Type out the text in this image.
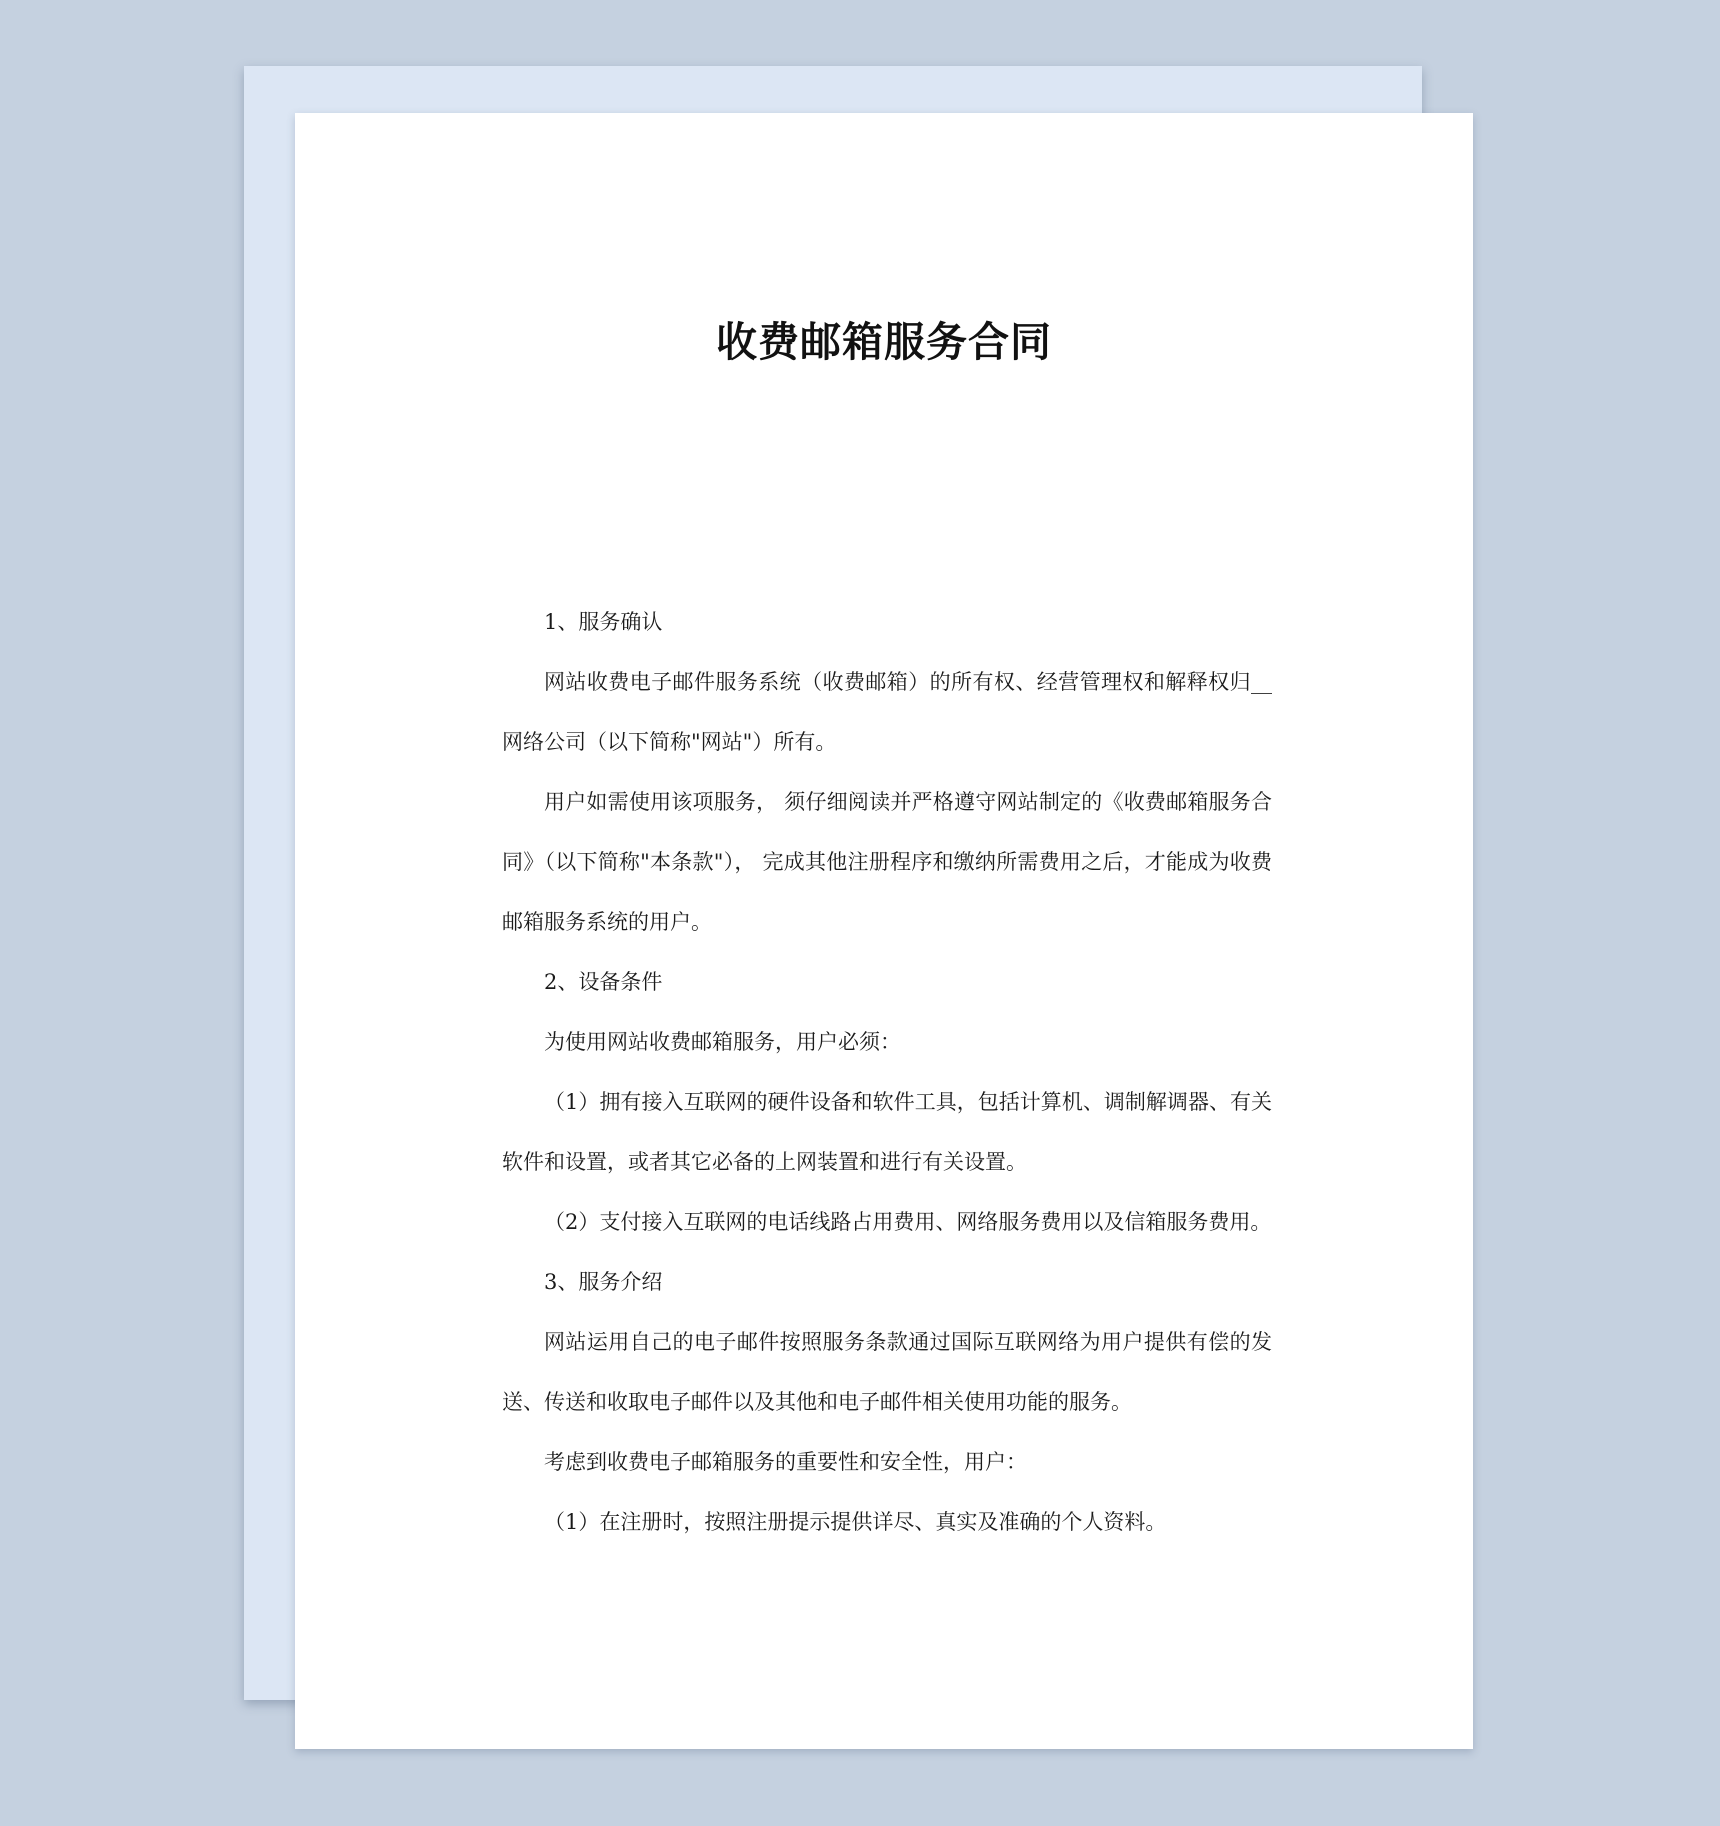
收费邮箱服务合同

1、服务确认

网站收费电子邮件服务系统（收费邮箱）的所有权、经营管理权和解释权归__网络公司（以下简称"网站"）所有。

用户如需使用该项服务， 须仔细阅读并严格遵守网站制定的《收费邮箱服务合同》（以下简称"本条款"）， 完成其他注册程序和缴纳所需费用之后，才能成为收费邮箱服务系统的用户。

2、设备条件

为使用网站收费邮箱服务，用户必须：

（1）拥有接入互联网的硬件设备和软件工具，包括计算机、调制解调器、有关软件和设置，或者其它必备的上网装置和进行有关设置。

（2）支付接入互联网的电话线路占用费用、网络服务费用以及信箱服务费用。

3、服务介绍

网站运用自己的电子邮件按照服务条款通过国际互联网络为用户提供有偿的发送、传送和收取电子邮件以及其他和电子邮件相关使用功能的服务。

考虑到收费电子邮箱服务的重要性和安全性，用户：

（1）在注册时，按照注册提示提供详尽、真实及准确的个人资料。
